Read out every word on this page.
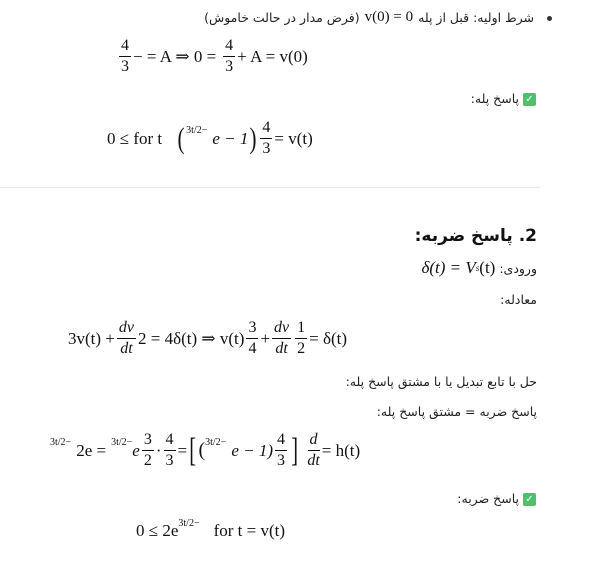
شرط اولیه: قبل از پله
v(0) = 0
(فرض مدار در حالت خاموش)
$\frac{4}{3}$ − = A ⇒ $0 = \frac{4}{3} + A = v(0)$
✓پاسخ پله:
0 ≤ for t ( 3t/2− e − 1 ) $\frac{4}{3} = v(t)$
2. پاسخ ضربه:
ورودی:
δ(t) = V s (t)
معادله:
$3v(t) + \frac{dv}{dt} 2 = 4\delta(t)$ ⇒ $v(t) \frac{3}{4} + \frac{dv}{dt} \frac{1}{2} = \delta(t)$
حل با تابع تبدیل یا با مشتق پاسخ پله:
پاسخ ضربه = مشتق پاسخ پله:
3t/2− 2e = 3t/2− e $\frac{3}{2} \cdot \frac{4}{3}$ = [ ( $3t/2- e - 1) \frac{4}{3}$ ] $\frac{d}{dt} = h(t)$
✓پاسخ ضربه:
0 ≤ 2e 3t/2− for t = v(t)
